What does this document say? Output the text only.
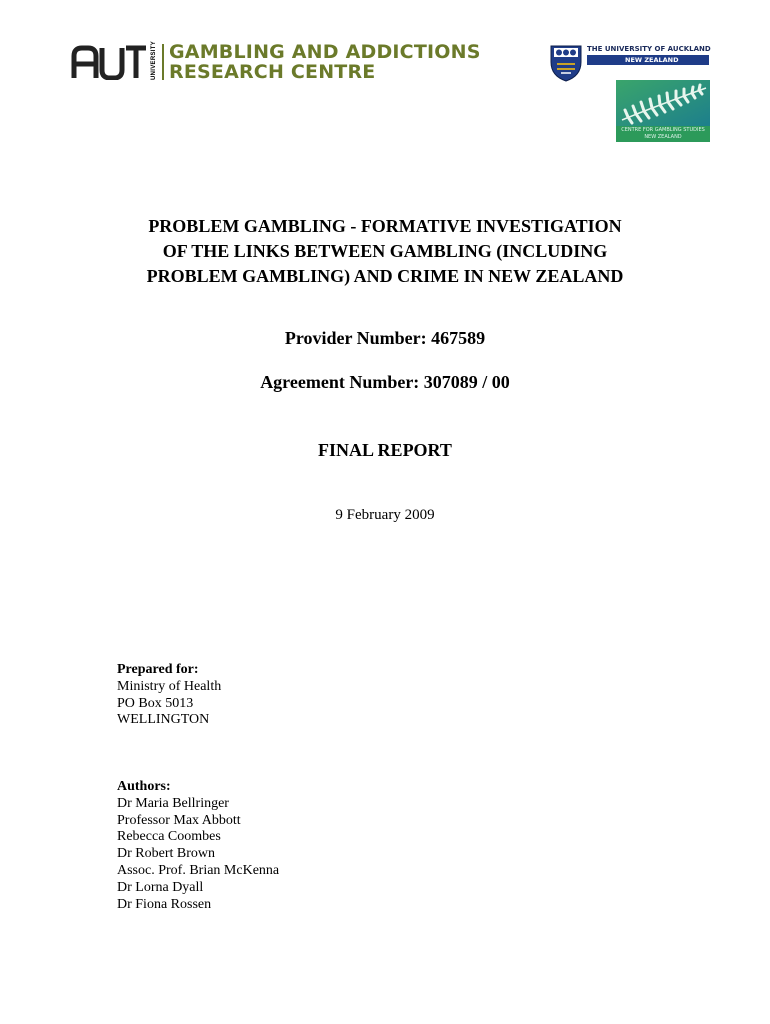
UNIVERSITY GAMBLING AND ADDICTIONS
RESEARCH CENTRE
THE UNIVERSITY OF AUCKLAND
NEW ZEALAND
CENTRE FOR GAMBLING STUDIES
NEW ZEALAND
PROBLEM GAMBLING - FORMATIVE INVESTIGATION
OF THE LINKS BETWEEN GAMBLING (INCLUDING
PROBLEM GAMBLING) AND CRIME IN NEW ZEALAND
Provider Number: 467589
Agreement Number: 307089 / 00
FINAL REPORT
9 February 2009
Prepared for:
Ministry of Health
PO Box 5013
WELLINGTON
Authors:
Dr Maria Bellringer
Professor Max Abbott
Rebecca Coombes
Dr Robert Brown
Assoc. Prof. Brian McKenna
Dr Lorna Dyall
Dr Fiona Rossen
